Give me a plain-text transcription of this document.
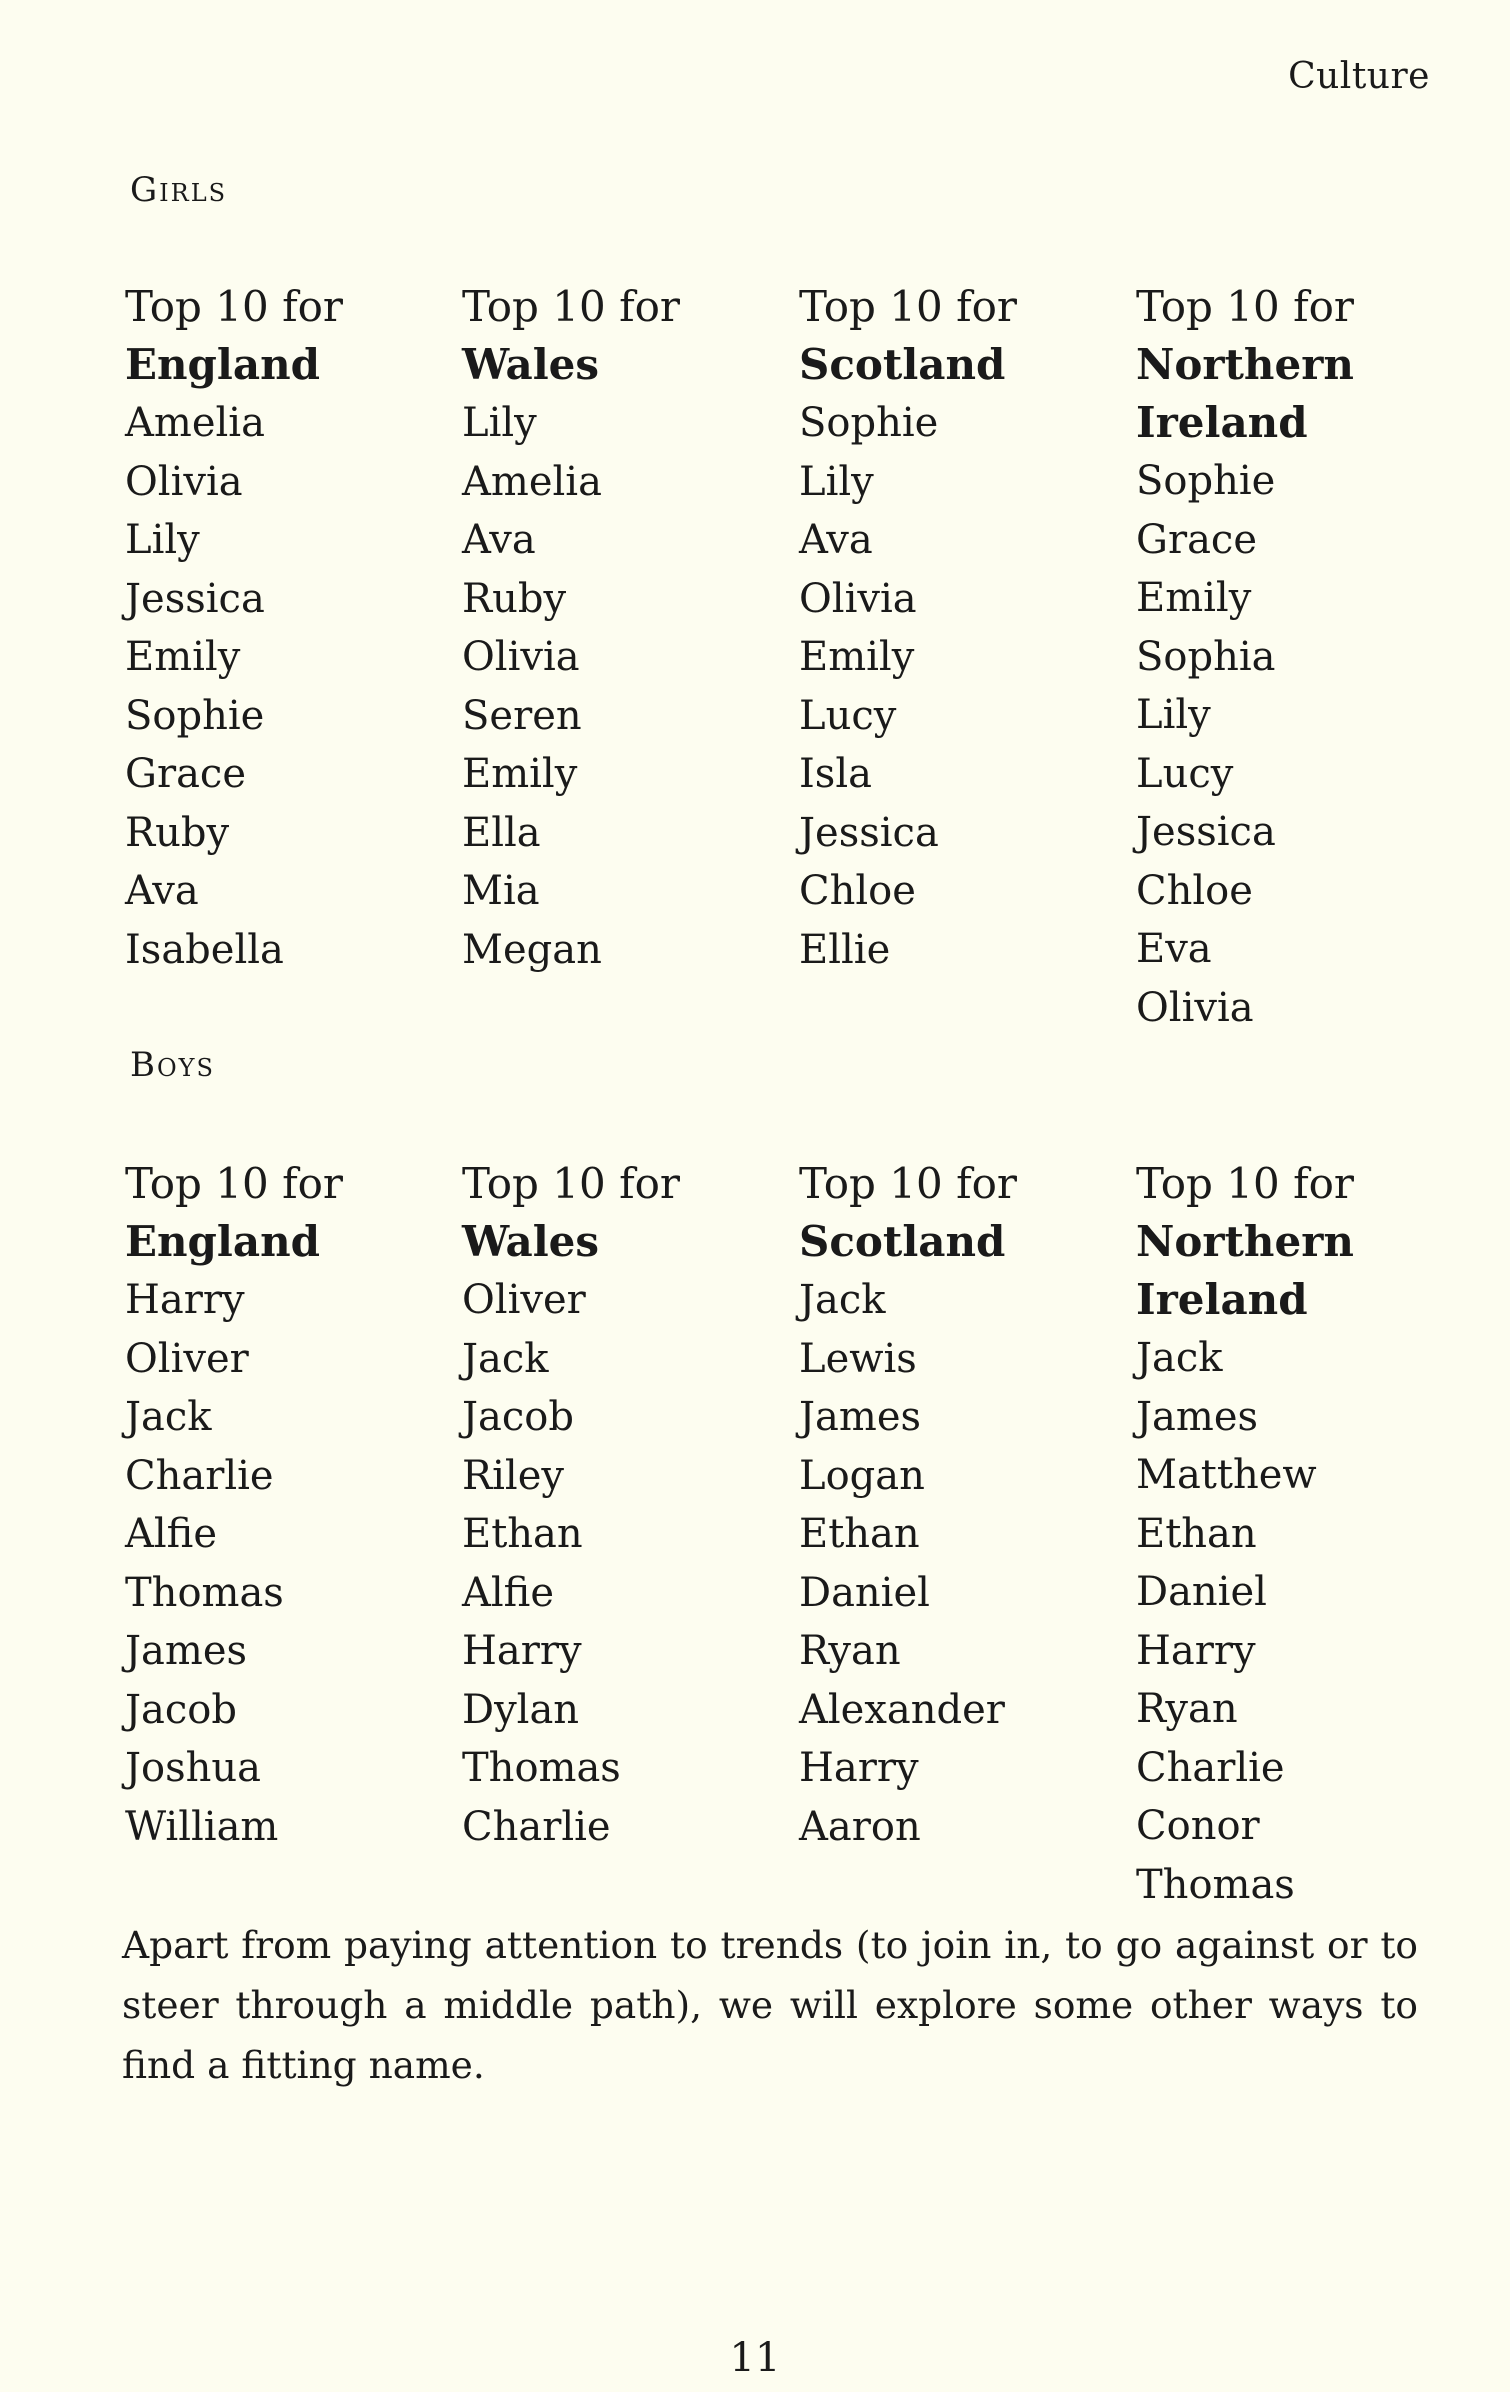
Culture
Girls
Top 10 for
England
Amelia
Olivia
Lily
Jessica
Emily
Sophie
Grace
Ruby
Ava
Isabella
Top 10 for
Wales
Lily
Amelia
Ava
Ruby
Olivia
Seren
Emily
Ella
Mia
Megan
Top 10 for
Scotland
Sophie
Lily
Ava
Olivia
Emily
Lucy
Isla
Jessica
Chloe
Ellie
Top 10 for
Northern Ireland
Sophie
Grace
Emily
Sophia
Lily
Lucy
Jessica
Chloe
Eva
Olivia
Boys
Top 10 for
England
Harry
Oliver
Jack
Charlie
Alfie
Thomas
James
Jacob
Joshua
William
Top 10 for
Wales
Oliver
Jack
Jacob
Riley
Ethan
Alfie
Harry
Dylan
Thomas
Charlie
Top 10 for
Scotland
Jack
Lewis
James
Logan
Ethan
Daniel
Ryan
Alexander
Harry
Aaron
Top 10 for
Northern Ireland
Jack
James
Matthew
Ethan
Daniel
Harry
Ryan
Charlie
Conor
Thomas

Apart from paying attention to trends (to join in, to go against or to steer through a middle path), we will explore some other ways to find a fitting name.

11
